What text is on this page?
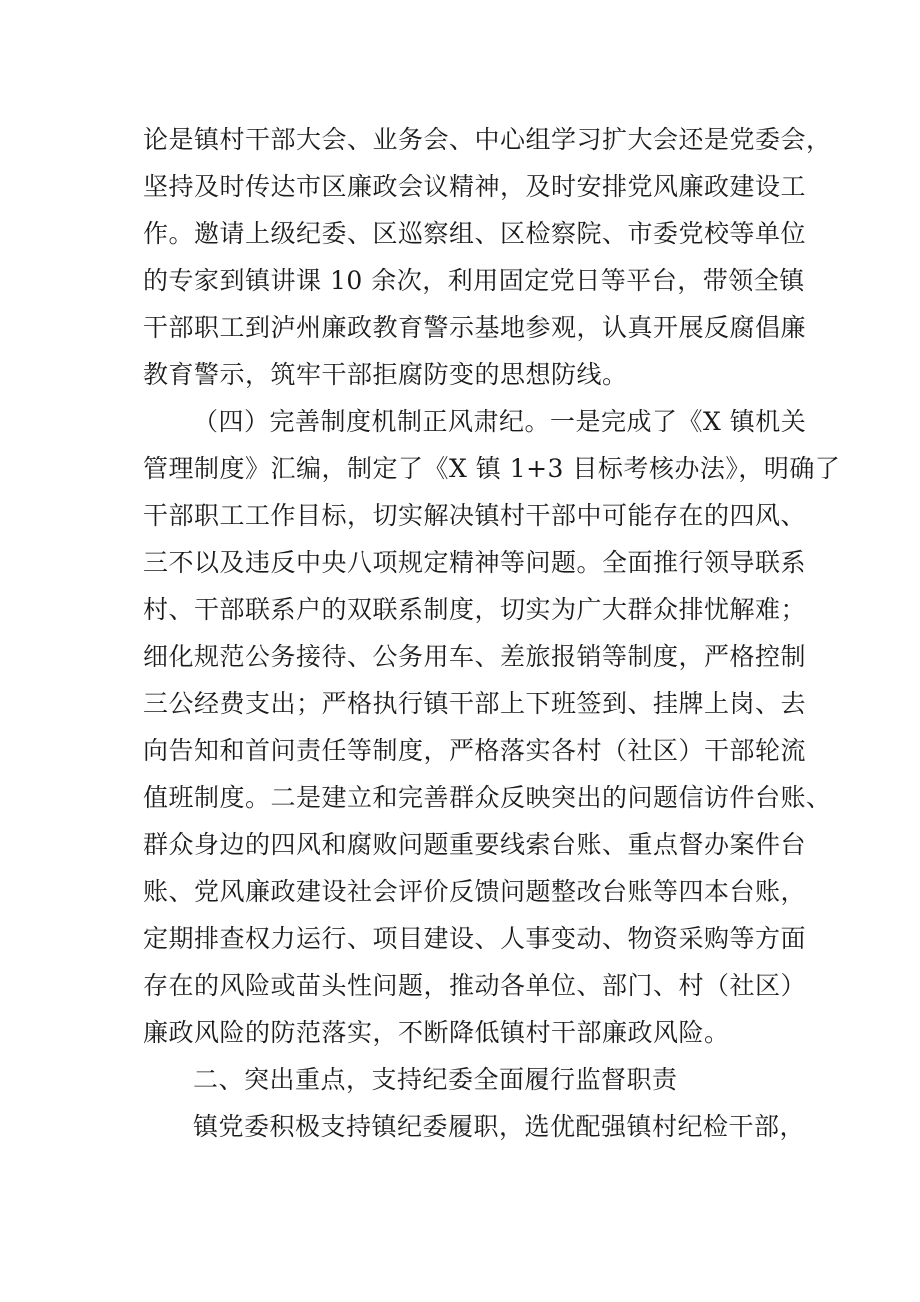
论是镇村干部大会、业务会、中心组学习扩大会还是党委会，
坚持及时传达市区廉政会议精神，及时安排党风廉政建设工
作。邀请上级纪委、区巡察组、区检察院、市委党校等单位
的专家到镇讲课 10 余次，利用固定党日等平台，带领全镇
干部职工到泸州廉政教育警示基地参观，认真开展反腐倡廉
教育警示，筑牢干部拒腐防变的思想防线。
（四）完善制度机制正风肃纪。一是完成了《X 镇机关
管理制度》汇编，制定了《X 镇 1+3 目标考核办法》，明确了
干部职工工作目标，切实解决镇村干部中可能存在的四风、
三不以及违反中央八项规定精神等问题。全面推行领导联系
村、干部联系户的双联系制度，切实为广大群众排忧解难；
细化规范公务接待、公务用车、差旅报销等制度，严格控制
三公经费支出；严格执行镇干部上下班签到、挂牌上岗、去
向告知和首问责任等制度，严格落实各村（社区）干部轮流
值班制度。二是建立和完善群众反映突出的问题信访件台账、
群众身边的四风和腐败问题重要线索台账、重点督办案件台
账、党风廉政建设社会评价反馈问题整改台账等四本台账，
定期排查权力运行、项目建设、人事变动、物资采购等方面
存在的风险或苗头性问题，推动各单位、部门、村（社区）
廉政风险的防范落实，不断降低镇村干部廉政风险。
二、突出重点，支持纪委全面履行监督职责
镇党委积极支持镇纪委履职，选优配强镇村纪检干部，
